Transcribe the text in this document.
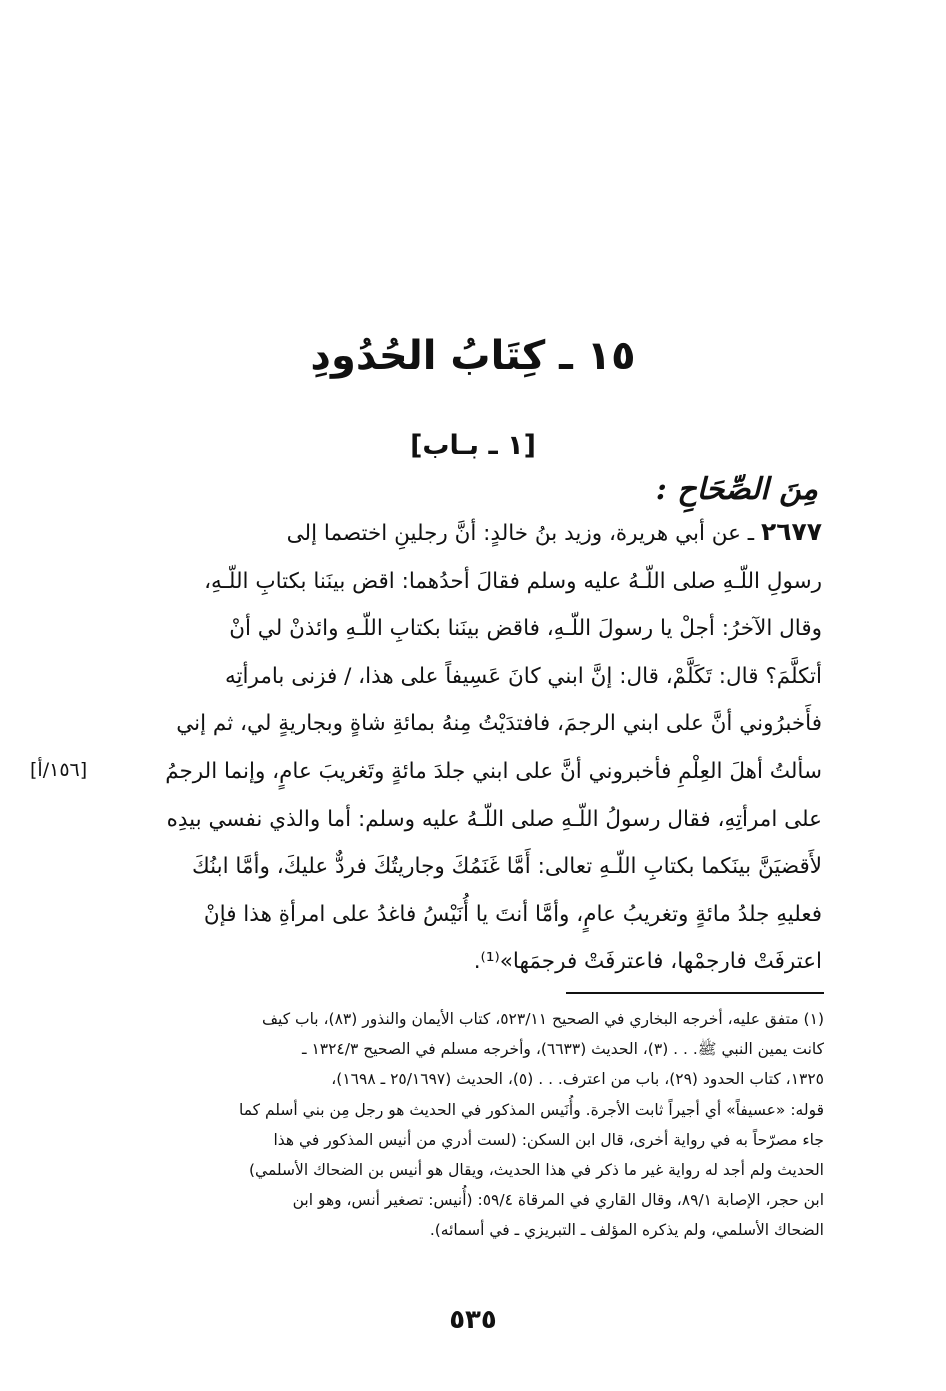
١٥ ـ كِتَابُ الحُدُودِ
[١ ـ بـاب]
مِنَ الصِّحَاحِ :
٢٦٧٧ ـ عن أبي هريرة، وزيد بنُ خالدٍ: أنَّ رجلينِ اختصما إلى
رسولِ اللّـهِ صلى اللّـهُ عليه وسلم فقالَ أحدُهما: اقض بينَنا بكتابِ اللّـهِ،
وقال الآخرُ: أجلْ يا رسولَ اللّـهِ، فاقض بينَنا بكتابِ اللّـهِ وائذنْ لي أنْ
أتكلَّمَ؟ قال: تَكَلَّمْ، قال: إنَّ ابني كانَ عَسِيفاً على هذا، / فزنى بامرأتِه
فأَخبرُوني أنَّ على ابني الرجمَ، فافتدَيْتُ مِنهُ بمائةِ شاةٍ وبجاريةٍ لي، ثم إني
سألتُ أهلَ العِلْمِ فأخبروني أنَّ على ابني جلدَ مائةٍ وتَغريبَ عامٍ، وإنما الرجمُ
على امرأتِهِ، فقال رسولُ اللّـهِ صلى اللّـهُ عليه وسلم: أما والذي نفسي بيدِه
لأَقضيَنَّ بينَكما بكتابِ اللّـهِ تعالى: أَمَّا غَنَمُكَ وجاريتُكَ فردٌّ عليكَ، وأمَّا ابنُكَ
فعليهِ جلدُ مائةٍ وتغريبُ عامٍ، وأمَّا أنتَ يا أُنَيْسُ فاغدُ على امرأةِ هذا فإنْ
اعترفَتْ فارجمْها، فاعترفَتْ فرجمَها»⁽¹⁾.
[١٥٦/أ]
(١) متفق عليه، أخرجه البخاري في الصحيح ٥٢٣/١١، كتاب الأيمان والنذور (٨٣)، باب كيف
كانت يمين النبي ﷺ. . . (٣)، الحديث (٦٦٣٣)، وأخرجه مسلم في الصحيح ١٣٢٤/٣ ـ
١٣٢٥، كتاب الحدود (٢٩)، باب من اعترف. . . (٥)، الحديث (٢٥/١٦٩٧ ـ ١٦٩٨)،
قوله: «عسيفاً» أي أجيراً ثابت الأجرة. وأُنَيس المذكور في الحديث هو رجل مِن بني أسلم كما
جاء مصرّحاً به في رواية أخرى، قال ابن السكن: (لست أدري من أنيس المذكور في هذا
الحديث ولم أجد له رواية غير ما ذكر في هذا الحديث، ويقال هو أنيس بن الضحاك الأسلمي)
ابن حجر، الإصابة ٨٩/١، وقال القاري في المرقاة ٥٩/٤: (أُنيس: تصغير أنس، وهو ابن
الضحاك الأسلمي، ولم يذكره المؤلف ـ التبريزي ـ في أسمائه).
٥٣٥
